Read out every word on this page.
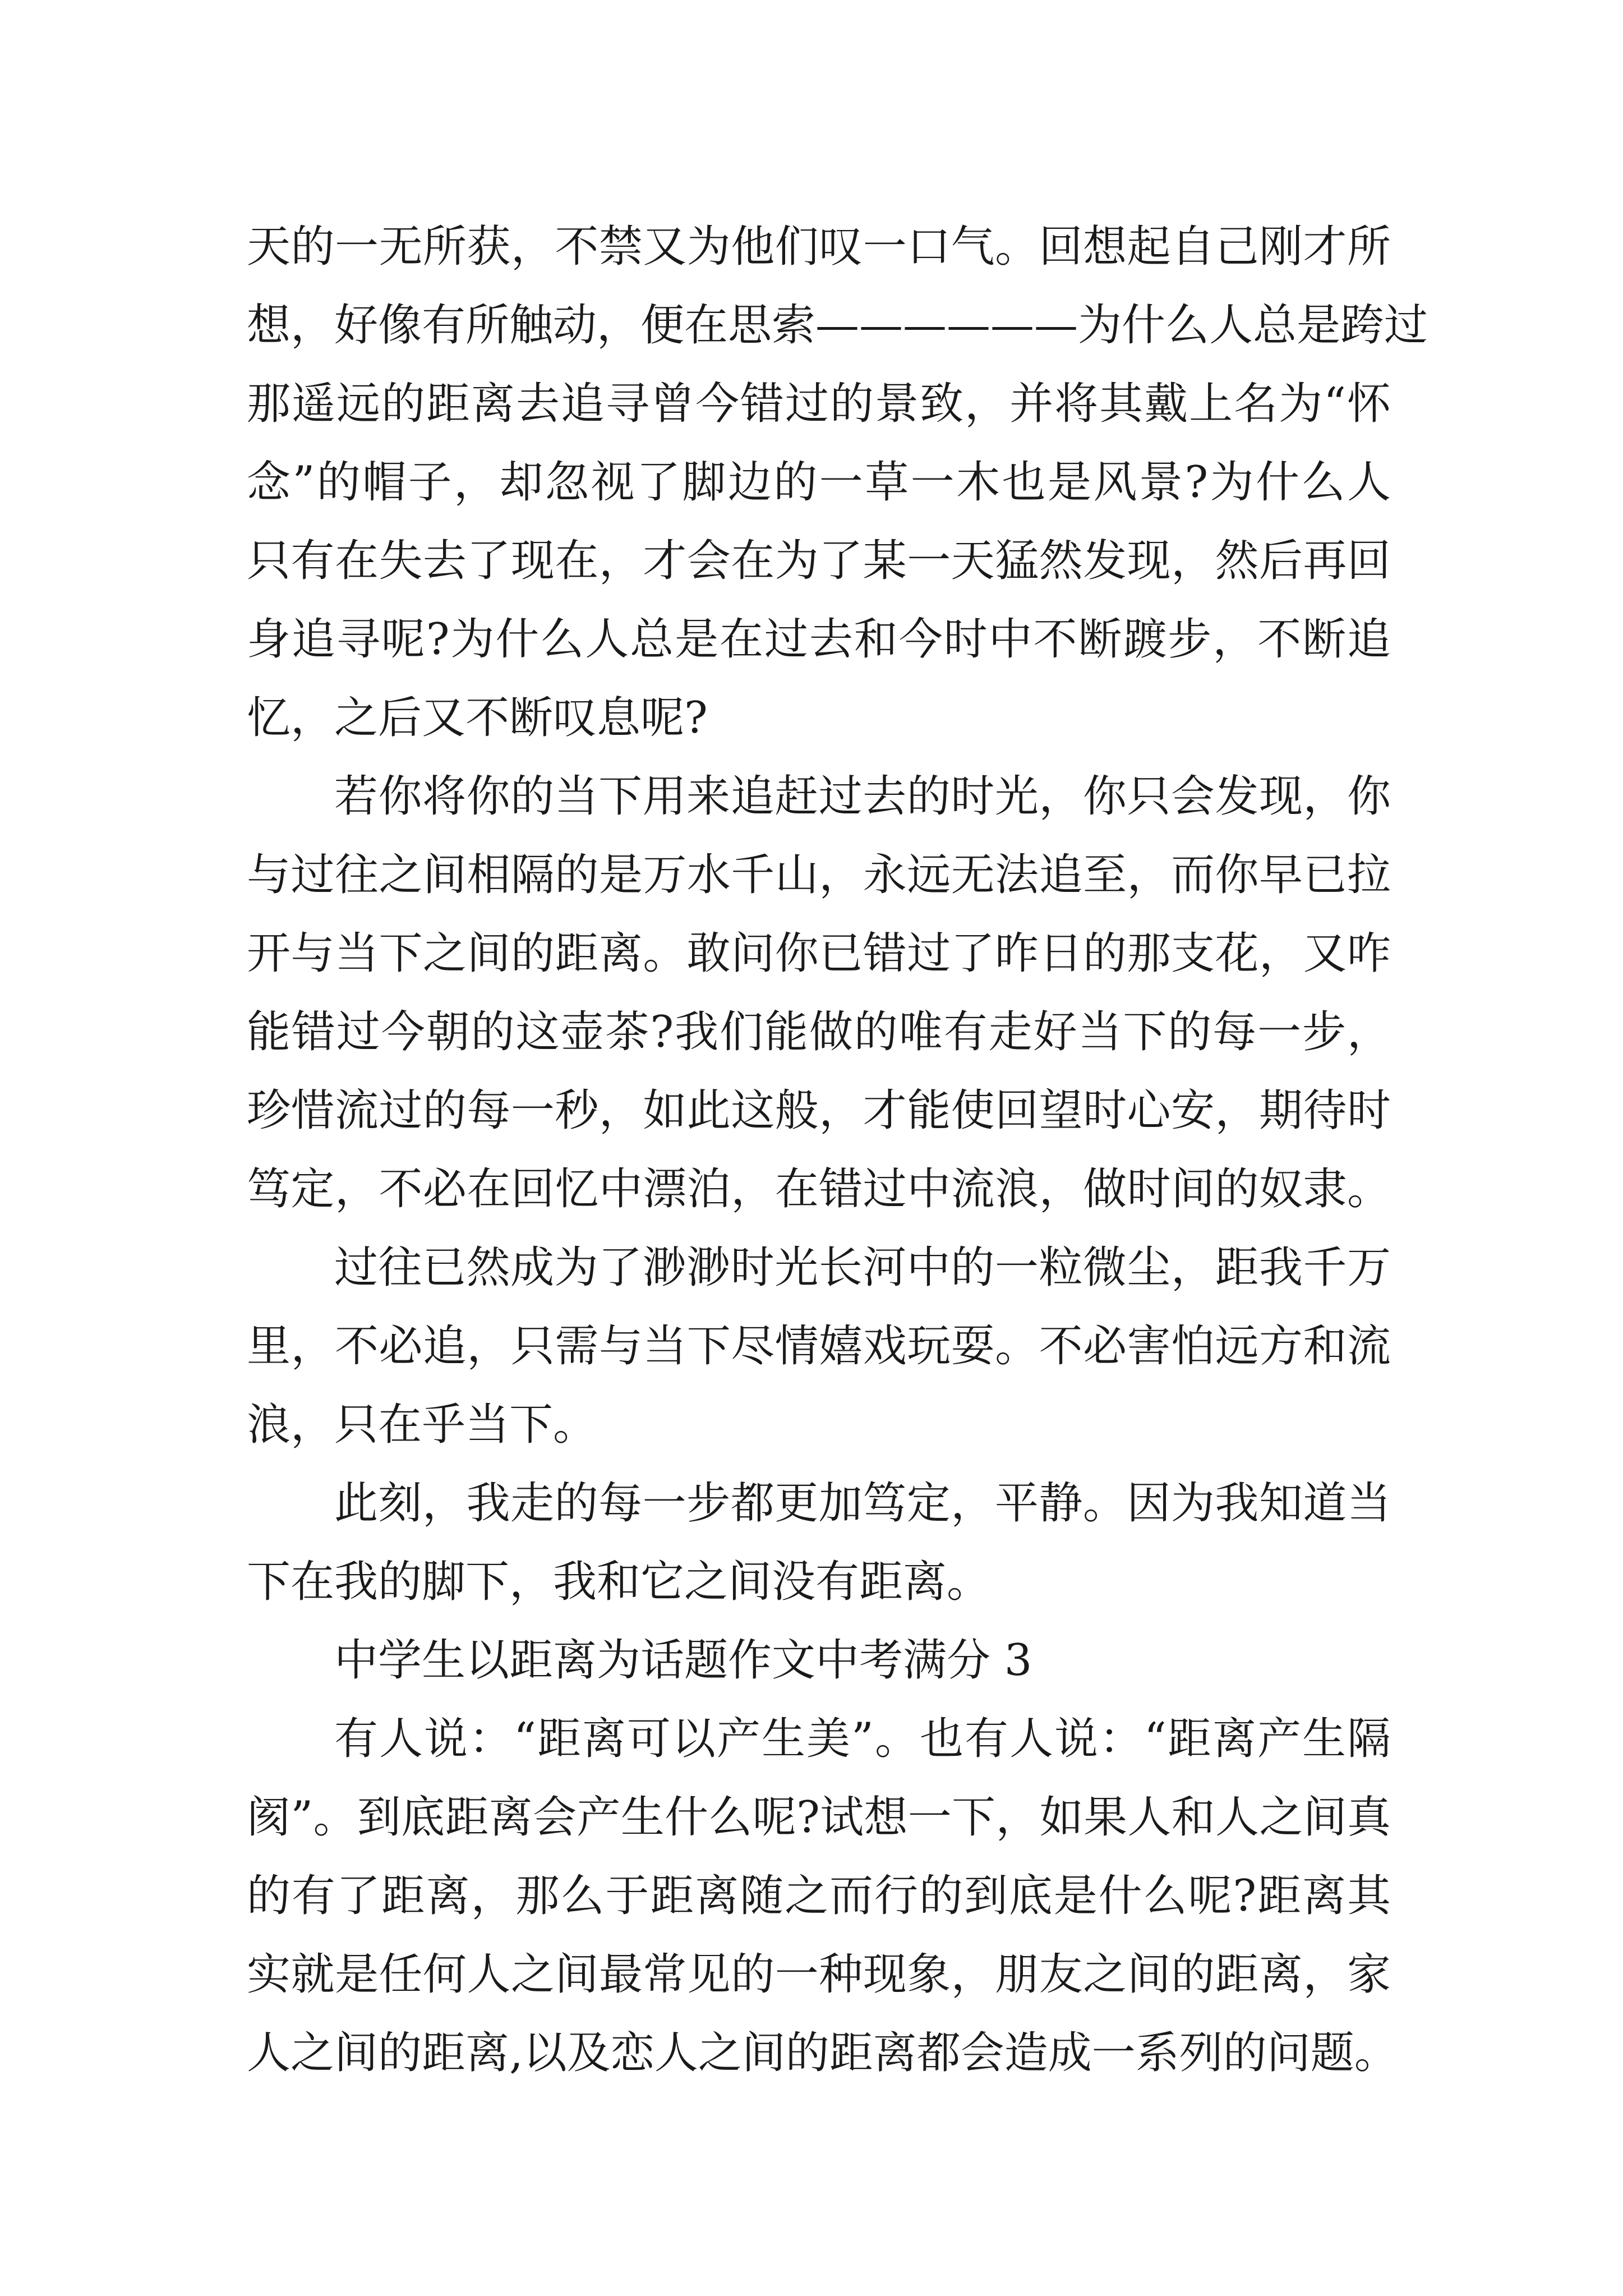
天的一无所获，不禁又为他们叹一口气。回想起自己刚才所
想，好像有所触动，便在思索——————为什么人总是跨过
那遥远的距离去追寻曾今错过的景致，并将其戴上名为“怀
念”的帽子，却忽视了脚边的一草一木也是风景?为什么人
只有在失去了现在，才会在为了某一天猛然发现，然后再回
身追寻呢?为什么人总是在过去和今时中不断踱步，不断追
忆，之后又不断叹息呢?
若你将你的当下用来追赶过去的时光，你只会发现，你
与过往之间相隔的是万水千山，永远无法追至，而你早已拉
开与当下之间的距离。敢问你已错过了昨日的那支花，又咋
能错过今朝的这壶茶?我们能做的唯有走好当下的每一步，
珍惜流过的每一秒，如此这般，才能使回望时心安，期待时
笃定，不必在回忆中漂泊，在错过中流浪，做时间的奴隶。
过往已然成为了渺渺时光长河中的一粒微尘，距我千万
里，不必追，只需与当下尽情嬉戏玩耍。不必害怕远方和流
浪，只在乎当下。
此刻，我走的每一步都更加笃定，平静。因为我知道当
下在我的脚下，我和它之间没有距离。
中学生以距离为话题作文中考满分 3
有人说：“距离可以产生美”。也有人说：“距离产生隔
阂”。到底距离会产生什么呢?试想一下，如果人和人之间真
的有了距离，那么于距离随之而行的到底是什么呢?距离其
实就是任何人之间最常见的一种现象，朋友之间的距离，家
人之间的距离,以及恋人之间的距离都会造成一系列的问题。
